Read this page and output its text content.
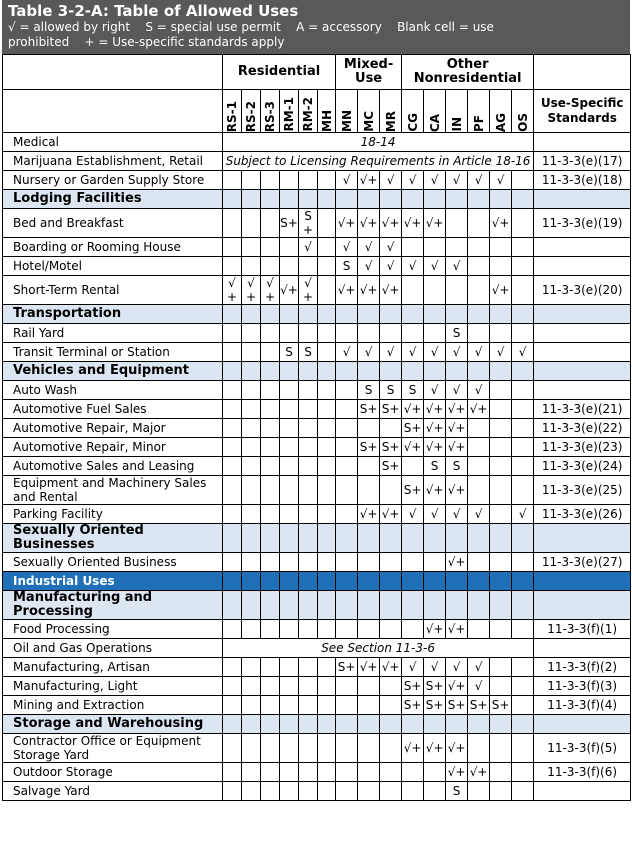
Table 3-2-A: Table of Allowed Uses
√ = allowed by right S = special use permit A = accessory Blank cell = use
prohibited + = Use-specific standards apply
	Residential						Mixed-Use			Other Nonresidential						

	RS-1	RS-2	RS-3	RM-1	RM-2	MH	MN	MC	MR	CG	CA	IN	PF	AG	OS	Use-Specific Standards
Medical	18-14															
Marijuana Establishment, Retail	Subject to Licensing Requirements in Article 18-16															11-3-3(e)(17)
Nursery or Garden Supply Store							√	√+	√	√	√	√	√	√		11-3-3(e)(18)
Lodging Facilities																
Bed and Breakfast				S+	S +		√+	√+	√+	√+	√+			√+		11-3-3(e)(19)
Boarding or Rooming House					√		√	√	√							
Hotel/Motel							S	√	√	√	√	√				
Short-Term Rental	√ +	√ +	√ +	√+	√ +		√+	√+	√+					√+		11-3-3(e)(20)
Transportation																
Rail Yard												S				
Transit Terminal or Station				S	S		√	√	√	√	√	√	√	√	√	
Vehicles and Equipment																
Auto Wash								S	S	S	√	√	√			
Automotive Fuel Sales								S+	S+	√+	√+	√+	√+			11-3-3(e)(21)
Automotive Repair, Major										S+	√+	√+				11-3-3(e)(22)
Automotive Repair, Minor								S+	S+	√+	√+	√+				11-3-3(e)(23)
Automotive Sales and Leasing									S+		S	S				11-3-3(e)(24)
Equipment and Machinery Sales and Rental										S+	√+	√+				11-3-3(e)(25)
Parking Facility								√+	√+	√	√	√	√		√	11-3-3(e)(26)
Sexually Oriented Businesses																
Sexually Oriented Business												√+				11-3-3(e)(27)
Industrial Uses																
Manufacturing and Processing																
Food Processing											√+	√+				11-3-3(f)(1)
Oil and Gas Operations	See Section 11-3-6															
Manufacturing, Artisan							S+	√+	√+	√	√	√	√			11-3-3(f)(2)
Manufacturing, Light										S+	S+	√+	√			11-3-3(f)(3)
Mining and Extraction										S+	S+	S+	S+	S+		11-3-3(f)(4)
Storage and Warehousing																
Contractor Office or Equipment Storage Yard										√+	√+	√+				11-3-3(f)(5)
Outdoor Storage												√+	√+			11-3-3(f)(6)
Salvage Yard												S				
